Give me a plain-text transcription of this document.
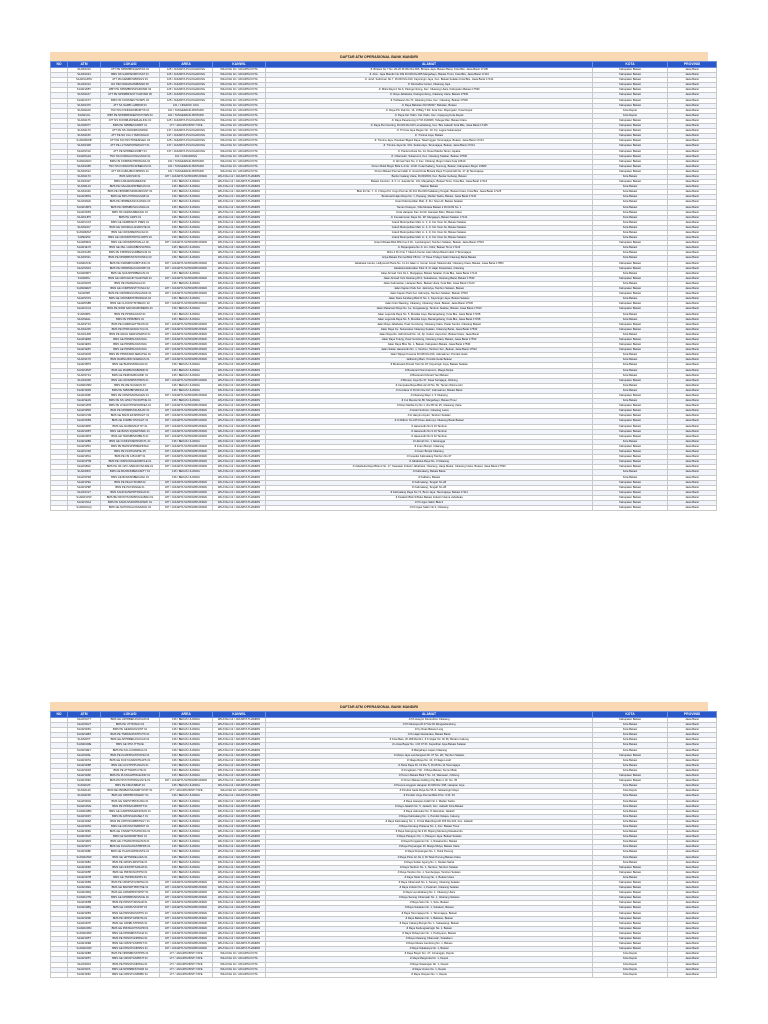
DAFTAR ATM OPERASIONAL BANK MANDIRI
NO	ATM	LOKASI	AREA	KANWIL	ALAMAT	KOTA	PROVINSI
	S1AW1010	ATT PE NPRMBKSGENTRA 01	125 / JAKARTA PULOGADUNG	WILAYAH 10 / JAKARTA KOTA	Jl. Bintara Nu 7 No. 20-26 Rt.002 Rw.006, Bintara Jaya, Bekasi Barat, Kota Bks, Jawa Barat 17136	Kabupaten Bekasi	Jawa Barat
	S1AW1024	BMS NS GARPAKIMPUSAT 01	125 / JAKARTA PULOGADUNG	WILAYAH 10 / JAKARTA KOTA	Jl. Ahm. Jaya Mandiri No.169 Rt.003 Rw.005 Margahayu, Bekasi Timur, Kota Bks, Jawa Barat 17113	Kabupaten Bekasi	Jawa Barat
	S1AW1ARTA	ATT MA HEMBKSPRINGS 03	125 / JAKARTA PULOGADUNG	WILAYAH 10 / JAKARTA KOTA	Jl. Jend. Sudirman No.7, Rt.003 Rw.010, Kayuringin Jaya, Kec. Bekasi Selatan Kota Bks, Jawa Barat 17144	Kabupaten Bekasi	Jawa Barat
	S1AW1012	DO PEN WADAMJSIBWADI 05	125 / JAKARTA PULOGADUNG	WILAYAH 10 / JAKARTA KOTA	Jl. Mercedes Center, Cikarang Jaya	Kabupaten Bekasi	Jawa Barat
	S1AW1KBY	WBT PE NPRMBKSSPGROSIR 04	125 / JAKARTA PULOGADUNG	WILAYAH 10 / JAKARTA KOTA	Jl. Mitra Raya II No.6, Pasirgombong, Kec. Cikarang Utara, Kabupaten Bekasi 17530	Kabupaten Bekasi	Jawa Barat
	S1AW1107	ATT PE NPRMBKSCITYGROSIR 06	125 / JAKARTA PULOGADUNG	WILAYAH 10 / JAKARTA KOTA	Jl. Raya Jababeka, Pasirgombong, Cikarang Utara, Bekasi 17530	Kabupaten Bekasi	Jawa Barat
	S1AW1XXY	BMS NS KONSSECTIONPV 04	125 / JAKARTA PULOGADUNG	WILAYAH 10 / JAKARTA KOTA	Jl. Pahlawan No.70, Cikarang Kota, Kec. Cikarang, Bekasi 17530	Kabupaten Bekasi	Jawa Barat
	S1AW1370	ATT SA NAMB LAMBOR 03	161 / CIKEDOK JAYA	WILAYAH 10 / JAKARTA KOTA	Jl. Raya Babelan KM 06/007, Babelan, Bekasi	Kabupaten Bekasi	Jawa Barat
	S1AW1109	TNO NS KONDGROBORTIS 01	161 / TANGERANG BINTARO	WILAYAH 10 / JAKARTA KOTA	Jl. Raya Pd. Ruk No. 16, Jl Blkg T Rd. Kota Kec. Bojongsari, Kota Depok	Kota Depok	Jawa Barat
	S1AW1OL	WBT PE NPRMBKSDEPOKTOWN 01	161 / TANGERANG BINTARO	WILAYAH 10 / JAKARTA KOTA	Jl. Raya Kel. Pabn. Kel. Pabn. Kec. Cipayung Kota Depok	Kota Depok	Jawa Barat
	S1AW1176	ATT NS KONSBJAIPERHALING 01	125 / JAKARTA PULOGADUNG	WILAYAH 10 / JAKARTA KOTA	Jl. Raya Pasarsorog C7 Rt.010/006, Tebega Mas, Bekasi Utara	Kabupaten Bekasi	Jawa Barat
	S1AW0677	BMS PE NPRBEKASIBIT 01	177 / JAKARTA BINTI TATE	WILAYAH 10 / JAKARTA KOTA	Jl. Raya Puri Kenting, Rt.003 Rw.010 Lemahabang, Kec. Bks Jatiasih Kota Bks, Jawa Barat 17425	Kabupaten Bekasi	Jawa Barat
	S1AW1179	ATT PE NS 2024ORIGINPASI	137 / JAKARTA PULOGADUNG	WILAYAH 10 / JAKARTA KOTA	Jl. Trimina Jaya Regen No. 10, Kp. Lagoa Sukamanjur	Kabupaten Bekasi	Jawa Barat
	S1AW1150	ATT PE NO 31A 1 TERUNGAN	137 / JAKARTA PULOGADUNG	WILAYAH 10 / JAKARTA KOTA	Jl. Trimina Jaya, Bekasi	Kabupaten Bekasi	Jawa Barat
	S1AW0WKB	ATT PE NO FNOTONESIGEG 03	125 / JAKARTA PULOGADUNG	WILAYAH 10 / JAKARTA KOTA	Jl. Trimina Jaya, Pasokan Blgani Raya, Tatarringgat, Tarumajaya, Bekasi, Jawa Barat 17214	Kabupaten Bekasi	Jawa Barat
	S1AW1308	ATT PE L1TIVEPOPARKHOT 01	137 / JAKARTA PULOGADUNG	WILAYAH 10 / JAKARTA KOTA	Jl. Trimina Jaya No. 001, Setiamulya, Tarumajaya, Bekasi, Jawa Barat 17214	Kabupaten Bekasi	Jawa Barat
	S1AW1XLF	ATT PE NPRBEKASIBIT 04	137 / JAKARTA PULOGADUNG	WILAYAH 10 / JAKARTA KOTA	Jl. Pantura Dara No. 44, Desa Paleba Tarum Jayaba	Kabupaten Bekasi	Jawa Barat
	S1AW0G3A	TNO NS KONDHAYANGANGK 01	161 / KARAWANG	WILAYAH 10 / JAKARTA KOTA	Jl. Cibarusah, Sukaresmi, Kec. Cikarang Selatan, Bekasi 17530	Kabupaten Bekasi	Jawa Barat
	S1AW0ANO	BMS NS KNRPMGTIBORANA 04	161 / TANGERANG BINTARO	WILAYAH 10 / JAKARTA KOTA	Jl. Ahmad Yani No. 3, Kec. Cibitung, Bogor Utara Kota 16610	Kabupaten Bekasi	Jawa Barat
	S1AW1058	TNO NS KONDUPRLSFBEKASI 01	161 / TANGERANG BINTARO	WILAYAH 10 / JAKARTA KOTA	Perum Bukit Bogor Blok A-4 No. 10 Rt. Kutai Kadang, Sumung, Bekasi, Kabupaten Bogor 16680	Kabupaten Bekasi	Jawa Barat
	S1AW1512	ATT NS KABAJBOCSPRNS 01	161 / TANGERANG BINTARO	WILAYAH 10 / JAKARTA KOTA	Perum Bekasi Permai Indah Jl. Grand Kota Bintara Raya Tropical Hill No. 47 Jjl Tarumajaya	Kabupaten Bekasi	Jawa Barat
	S1AW1170	BMS GROSIR 01	187 / JAKARTA SATRIAPRUWIRAI	WILAYAH 12 / JAKARTA THAMRIN	Barrier Galang Utara, Rt.003/003, Kec. Bantar Gebang, Bekasi	Kota Bekasi	Jawa Barat
	S1AW1007	BMS KARAWANGBEKASI	136 / BEKASI JUANDA	WILAYAH 12 / JAKARTA THAMRIN	Bekasi Junction, Jl. Ir. H. Juanda No. 131, Margahayu, Bekasi Timur, Kota Bks, Jawa Barat 17113	Kabupaten Bekasi	Jawa Barat
	S1AW0L04	BMS PE NAGARAPATBEKASI 01	136 / BEKASI JUANDA	WILAYAH 12 / JAKARTA THAMRIN	Stasiun Bekasi	Kota Bekasi	Jawa Barat
	S1AW1040	BMS PE NPRMBKSPARAMOUNT 01	136 / BEKASI JUANDA	WILAYAH 12 / JAKARTA THAMRIN	Blok 6rt No. 7, Jl. Ir Raya Pd. Ungu Permai, Rt.011 Rw.009 Kaliabang Tengah, Bekasi Utara, Kota Bks, Jawa Barat 17125	Kota Bekasi	Jawa Barat
	S1AW1B7H	BMS GE BPG PPRNGGSAB 01	136 / BEKASI JUANDA	WILAYAH 12 / JAKARTA THAMRIN	Boulevard Hijau Raya No. 1, Pejuang, Medan Satria, Bekasi, Jawa Barat 17131	Kota Bekasi	Jawa Barat
	S1AW1MAI	BMS PE NPRBEKASIJUANDA 03	136 / BEKASI JUANDA	WILAYAH 12 / JAKARTA THAMRIN	Grand Metropolitan Mall, Jl. KH. Noer Ali, Bekasi Selatan	Kota Bekasi	Jawa Barat
	S1AW1RPS	BMS PE NPRMBKSJUANDA 01	136 / BEKASI JUANDA	WILAYAH 12 / JAKARTA THAMRIN	Taman Pekayon, Villa Mutiara Bekasi 2 Rt.01/09 No. 1	Kota Bekasi	Jawa Barat
	S1AW1D5X	BMS NS CERDASBEKASI 01	136 / BEKASI JUANDA	WILAYAH 12 / JAKARTA THAMRIN	Duta Harapan Kav. 01/10, Harapan Baru, Bekasi Utara	Kota Bekasi	Jawa Barat
	S1AW1JP5	BMS PE GRPS 01	136 / BEKASI JUANDA	WILAYAH 12 / JAKARTA THAMRIN	Jl. Kemakmuran Raya No. 38, Margajaya, Bekasi Selatan 17141	Kota Bekasi	Jawa Barat
	S1AW1UAT	BMS GE CEMBINGTI PRES 01	136 / BEKASI JUANDA	WILAYAH 12 / JAKARTA THAMRIN	Grand Metropolitan Mall, Lt. 2, Jl. KH. Noer Ali, Bekasi Selatan	Kota Bekasi	Jawa Barat
	S1AW1ID7	BMS GE CROMALLANADOTE 01	136 / BEKASI JUANDA	WILAYAH 12 / JAKARTA THAMRIN	Grand Metropolitan Mall, Lt. 3, Jl. KH. Noer Ali, Bekasi Selatan	Kota Bekasi	Jawa Barat
	S1AW0MGT	BMS GE CROMMENTALSA 01	136 / BEKASI JUANDA	WILAYAH 12 / JAKARTA THAMRIN	Grand Metropolitan Mall, Lt. 2, Jl. KH. Noer Ali, Bekasi Selatan	Kota Bekasi	Jawa Barat
	S1PE0253	BMS GE CROMMSTNPOLCRPS 03	136 / BEKASI JUANDA	WILAYAH 12 / JAKARTA THAMRIN	Grand Metropolitan Mall, Lt. 3, Jl. KH. Noer Ali, Bekasi Selatan	Kota Bekasi	Jawa Barat
	S1AW0M01	BMS GE CROMMNTMALLA 02	187 / JAKARTA SATRIAPRUWIRAI	WILAYAH 12 / JAKARTA THAMRIN	Grand Wisata Blok Bfts Kav.4 Rt., Lambangsari, Tambun Selatan, Bekasi, Jawa Barat 17510	Kabupaten Bekasi	Jawa Barat
	S1AW1EYK	BMS GE PEL UARANBKSSATRIA	136 / BEKASI JUANDA	WILAYAH 12 / JAKARTA THAMRIN	Jl. Bayangkara No.Jl. Ltn. Kobir, Bekasi Timur 17113	Kota Bekasi	Jawa Barat
	S1AW1A56	BMS PE KSPRNGSARIBEKASI 01	136 / BEKASI JUANDA	WILAYAH 12 / JAKARTA THAMRIN	Mitra 4 Rt 4 No 7 Ciletuh Center Jalur Mulya Barat Indah 3 Tarumajaya	Kota Bekasi	Jawa Barat
	S1AW1521	BMS PE NPRMBKSSTATIONKG 03	136 / BEKASI JUANDA	WILAYAH 12 / JAKARTA THAMRIN	Griya Bekasi Permai Blok FB No. 17 Desa Tridaya Sakti Cikarang Barat Bekasi	Kota Bekasi	Jawa Barat
	S1AW1KNU	BMS PE KSRMBKSCIBITUNG 01	187 / JAKARTA SATRIAPRUWIRAI	WILAYAH 12 / JAKARTA THAMRIN	Jababeka Centre, Hollywood Plaza No. 11-14 Jalan H. Usmar Ismail, Mekarmukti, Cikarang Utara, Bekasi, Jawa Barat 17853	Kabupaten Bekasi	Jawa Barat
	S1AW1N16	BMS PE NPRRMSAUGDINPD 04	187 / JAKARTA SATRIAPRUWIRAI	WILAYAH 12 / JAKARTA THAMRIN	Jababeka Education Park Jl. Ki Hajar Dewantara, Cikarang	Kabupaten Bekasi	Jawa Barat
	S1AW0RPY	BMS GE NAKAPPRIBEKASI 01	136 / BEKASI JUANDA	WILAYAH 12 / JAKARTA THAMRIN	Jalan Ahmad Yani No.1, Margajaya, Bekasi Selatan, Kota Bks, Jawa Barat 17141	Kota Bekasi	Jawa Barat
	S1AW0KU	BMS GE CRPLWLNKTGAR PER 01	187 / JAKARTA SATRIAPRUWIRAI	WILAYAH 12 / JAKARTA THAMRIN	Jalan Ahmad Yani Cikarang Rt.6, Sukadanau, Cikarang Barat, Bekasi 17530	Kabupaten Bekasi	Jawa Barat
	S1AW1FP0	BMS PE KMAMASALA 01	136 / BEKASI JUANDA	WILAYAH 12 / JAKARTA THAMRIN	Jalan Kalimantan, Harapan Baru, Bekasi Utara, Kota Bks, Jawa Barat 17123	Kota Bekasi	Jawa Barat
	S1AW0EMY	BMS GE CNRPMSSTITUNJA 02	187 / JAKARTA SATRIAPRUWIRAI	WILAYAH 12 / JAKARTA THAMRIN	Jalan Kapten Park Kel. Jatimulya, Tambun Selatan, Bekasi	Kabupaten Bekasi	Jawa Barat
	S1AW3P0	BMS PE CRPRMSAYANGANGK 01	187 / JAKARTA SATRIAPRUWIRAI	WILAYAH 12 / JAKARTA THAMRIN	Jalan Kapten Park Kel. Jatimulya, Tambun Selatan, Bekasi 17510	Kabupaten Bekasi	Jawa Barat
	S1AW1TAS	BMS GE CROMMNSTBORANA 04	136 / BEKASI JUANDA	WILAYAH 12 / JAKARTA THAMRIN	Jalan Kiara Kandang Blok D No. 1, Kayuringin Jaya, Bekasi Selatan	Kota Bekasi	Jawa Barat
	S1AW0SB5	BMS GE CLICKINTISTMEOC 02	187 / JAKARTA SATRIAPRUWIRAI	WILAYAH 12 / JAKARTA THAMRIN	Jalan Kuto Waaring, Cikarang, Cikarang Utara, Bekasi, Jawa Barat 17530	Kabupaten Bekasi	Jawa Barat
	S1AW1UUJ	BMS PE NIRM SAKURAMCBEMG 01	136 / BEKASI JUANDA	WILAYAH 12 / JAKARTA THAMRIN	Jalan Mekarsari Raya No. 1a, Sungaiwangi, Tambun Selatan, Bekasi, Jawa Barat 17510	Kabupaten Bekasi	Jawa Barat
	S1AW0IPA	BMS PE PPRNGGSAT 01	136 / BEKASI JUANDA	WILAYAH 12 / JAKARTA THAMRIN	Jalan Legenda Raya No. 5, Mustika Jaya, Bantargebang, Kota Bks, Jawa Barat 17158	Kota Bekasi	Jawa Barat
	S1AW1E1L	BMS PE PPRMBKS 04	136 / BEKASI JUANDA	WILAYAH 12 / JAKARTA THAMRIN	Jalan Legenda Raya No. 5, Mustika Jaya, Bantargebang, Kota Bks, Jawa Barat 17158	Kota Bekasi	Jawa Barat
	S1AW1T16	BMS PE KAMRIGHTTRAIN 02	187 / JAKARTA SATRIAPRUWIRAI	WILAYAH 12 / JAKARTA THAMRIN	Jalan Raya Jababeka, Pasir Gombong, Cikarang Utara, Pasar Sentra, Cikarang Bekasi	Kabupaten Bekasi	Jawa Barat
	S1AW1205	BMS PE PPRKARANGTUA 01	187 / JAKARTA SATRIAPRUWIRAI	WILAYAH 12 / JAKARTA THAMRIN	Jalan Raya Kp. Sukamakur Cikarang Selatan, Cikarang Barat, Jawa Barat 17530	Kabupaten Bekasi	Jawa Barat
	S1AW1J0R	BMS PE GRAH SENFLPERTAI 01	187 / JAKARTA SATRIAPRUWIRAI	WILAYAH 12 / JAKARTA THAMRIN	Jalan Raya Rs. Hidrofonelli No. 14, Kp. Kebon Jaya Aren, Bekasi Utara, Jawa Barat	Kota Bekasi	Jawa Barat
	S1AW1E5D	BMS GE PRNBSUCMUNJA	187 / JAKARTA SATRIAPRUWIRAI	WILAYAH 12 / JAKARTA THAMRIN	Jalan Raya Tulung, Pasir Gombong, Cikarang Utara, Bekasi, Jawa Barat 17530	Kabupaten Bekasi	Jawa Barat
	S1AW1E5O	BMS GE PRNBSUCMUNJA	187 / JAKARTA SATRIAPRUWIRAI	WILAYAH 12 / JAKARTA THAMRIN	Jalan Raya Bhw No. 1, Bekasi, Kabupaten Bekasi, Jawa Barat 17530	Kabupaten Bekasi	Jawa Barat
	S1AW1E5V	BMS GE PRNBSUCMUNJA	187 / JAKARTA SATRIAPRUWIRAI	WILAYAH 12 / JAKARTA THAMRIN	Jalan Sultan Hasanudin No. 1, Tambun, Tambun Sel., Bekasi, Jawa Barat 17510	Kabupaten Bekasi	Jawa Barat
	S1AW1D36	BMS PE PPRDORM SERATSH 01	187 / JAKARTA SATRIAPRUWIRAI	WILAYAH 12 / JAKARTA THAMRIN	Jalan Wijaya Kusuma Rt.006 Rw.016, Jatimakmur, Pondok Gede	Kota Bekasi	Jawa Barat
	S1AW1F76	BMS RAMNA BIR NCERDAS 01	187 / JAKARTA SATRIAPRUWIRAI	WILAYAH 12 / JAKARTA THAMRIN	Jatibening Baru, Pondok Gede Bekasi	Kota Bekasi	Jawa Barat
	S1AW1B7S	BMS GE BURSSPADAHN 02	136 / BEKASI JUANDA	WILAYAH 12 / JAKARTA THAMRIN	Jl Boulevard Ahmad Yani No.18, Kayuringin Jaya, Bekasi Selatan	Kota Bekasi	Jawa Barat
	S1AW1RVP	BMS GE MAMBUNGBMDR 01	136 / BEKASI JUANDA	WILAYAH 12 / JAKARTA THAMRIN	Jl Boulevard Summarecon, Marga Mulya	Kota Bekasi	Jawa Barat
	S1AW1T44	BMS GE PERNSABUHDIK 01	136 / BEKASI JUANDA	WILAYAH 12 / JAKARTA THAMRIN	Jl Boulevard Ahmad Yani Bekasi	Kota Bekasi	Jawa Barat
	S1AW1008	BMS GE CROMMNSTDRIN 01	187 / JAKARTA SATRIAPRUWIRAI	WILAYAH 12 / JAKARTA THAMRIN	Jl Bonsai, Jaya No.37, Desa Sertajaya, Cibitung	Kabupaten Bekasi	Jawa Barat
	S1AW1D9M	BMS PE WE NASAKIN 03	136 / BEKASI JUANDA	WILAYAH 12 / JAKARTA THAMRIN	Jl Cempaka Raya Blok.A2-20 No. 60, Taman Wisma Asri	Kota Bekasi	Jawa Barat
	S1AW1D0N	BMS PE NPRMBKSBINGA 03	136 / BEKASI JUANDA	WILAYAH 12 / JAKARTA THAMRIN	Jl Cendana Vi Rt.011 Rw.017, Jatimakmur, Bekasi Barat	Kota Bekasi	Jawa Barat
	S1AW1D9F	BMS PE CRNPSAMSAGEN 04	187 / JAKARTA SATRIAPRUWIRAI	WILAYAH 12 / JAKARTA THAMRIN	Jl Cikarang Rayo 1, 5 Cikarang	Kabupaten Bekasi	Jawa Barat
	S1AW1E1N	BMS PE NS 1251CYNCFMTNE 01	136 / BEKASI JUANDA	WILAYAH 12 / JAKARTA THAMRIN	Jl Cut Meutia No.89, Margahayu, Bekasi Timur	Kota Bekasi	Jawa Barat
	S1AW1VPR	BMS PE LIVECNTIFWSORKEA 01	187 / JAKARTA SATRIAPRUWIRAI	WILAYAH 12 / JAKARTA THAMRIN	Jl Dewi Sartika Kp No.1, Rw.05 No 25, Cikarang Utara	Kabupaten Bekasi	Jawa Barat
	S1AW1P0D	BMS PE NPRMBKSSUMUAT 01	187 / JAKARTA SATRIAPRUWIRAI	WILAYAH 12 / JAKARTA THAMRIN	Jl Gatot Subroto, Cikarang Lama	Kabupaten Bekasi	Jawa Barat
	S1AW1V1M	BMS GE BANS EKSPRNGIT 01	187 / JAKARTA SATRIAPRUWIRAI	WILAYAH 12 / JAKARTA THAMRIN	Jl H Hasyim Asyari, Tambun Selatan	Kabupaten Bekasi	Jawa Barat
	S1AW1D8S	BMS GE FORBN NSTAGIT 01	187 / JAKARTA SATRIAPRUWIRAI	WILAYAH 12 / JAKARTA THAMRIN	Jl H Ridhon No.105 Desa Jatirenyo Cikarang Barat Bekasi	Kabupaten Bekasi	Jawa Barat
	S1AW1DPK	BMS GE ANABAVNAT DT 01	187 / JAKARTA SATRIAPRUWIRAI	WILAYAH 12 / JAKARTA THAMRIN	Jl Hasanudin No.9 10 Tambun	Kabupaten Bekasi	Jawa Barat
	S1AW1D8T	BMS GE BANS SQDEPNSRL 01	187 / JAKARTA SATRIAPRUWIRAI	WILAYAH 12 / JAKARTA THAMRIN	Jl Hasanudin No.9 10 Tambun	Kabupaten Bekasi	Jawa Barat
	S1AW1DPS	BMS GE TERSIBINFMBILN 01	187 / JAKARTA SATRIAPRUWIRAI	WILAYAH 12 / JAKARTA THAMRIN	Jl Hasanudin No.9 10 Tambun	Kabupaten Bekasi	Jawa Barat
	S1AW1D8N	BMS GE CONNOOEPNSRCTL 01	136 / BEKASI JUANDA	WILAYAH 12 / JAKARTA THAMRIN	Jl Hikmah No. 1 Jatirangga	Kota Bekasi	Jawa Barat
	S1AW1P5U	BMS PE BAFNSPPKBEPINSAI	187 / JAKARTA SATRIAPRUWIRAI	WILAYAH 12 / JAKARTA THAMRIN	Jl Imam Bonjol, Cikarang	Kabupaten Bekasi	Jawa Barat
	S1AW1VK0	BMS PE KANTIHNPNL 05	187 / JAKARTA SATRIAPRUWIRAI	WILAYAH 12 / JAKARTA THAMRIN	Jl Imam Bonjol Cikarang	Kabupaten Bekasi	Jawa Barat
	S1AW1PKA	BMS PE NS 1251CMT 01	187 / JAKARTA SATRIAPRUWIRAI	WILAYAH 12 / JAKARTA THAMRIN	Jl Inspeksi Kalimalang Tambun No.37	Kabupaten Bekasi	Jawa Barat
	S1AW1P7M	BMS PE CNRSANOGENNPCLE 01	187 / JAKARTA SATRIAPRUWIRAI	WILAYAH 12 / JAKARTA THAMRIN	Jl Jababeka Raya No. 3 Cikarang	Kabupaten Bekasi	Jawa Barat
	S1AW1BLF	BMS PE NS 125 LIVEDAFOSAJRE 01	187 / JAKARTA SATRIAPRUWIRAI	WILAYAH 12 / JAKARTA THAMRIN	Jl Jababeka Raya Blok A No. 17, Kawasan Industri Jababeka, Cikarang, Harja Mekar, Cikarang Utara, Bekasi, Jawa Barat 17530	Kabupaten Bekasi	Jawa Barat
	S1AW1BIS	BMS GE BANSNOBEKASIITY 01	136 / BEKASI JUANDA	WILAYAH 12 / JAKARTA THAMRIN	Jl Kalimalang, Bekasi Barat	Kota Bekasi	Jawa Barat
	S1AW1P9Z	BMS GE BANSNOBEKANLI 01	136 / BEKASI JUANDA	WILAYAH 12 / JAKARTA THAMRIN	Jl Kalibaru, Bekasi	Kota Bekasi	Jawa Barat
	S1AW1P9A	BMS PE PELAYDORM 02	187 / JAKARTA SATRIAPRUWIRAI	WILAYAH 12 / JAKARTA THAMRIN	Jl Kalimalang, Tengah No 28	Kabupaten Bekasi	Jawa Barat
	S1AW1P9P	BMS PE PLKSNNGE 01	187 / JAKARTA SATRIAPRUWIRAI	WILAYAH 12 / JAKARTA THAMRIN	Jl Kalimalang, Tengah No 28	Kabupaten Bekasi	Jawa Barat
	S1AW1X27	BMS KANCSATEPRTSNNAN 01	187 / JAKARTA SATRIAPRUWIRAI	WILAYAH 12 / JAKARTA THAMRIN	Jl Kalimalang Raya No 71, Bumi Jaya, Tarumajaya, Bekasi 17111	Kabupaten Bekasi	Jawa Barat
	S1AW1VPW	BMS BE FRONTSOSPRNGSABAN 01	187 / JAKARTA SATRIAPRUWIRAI	WILAYAH 12 / JAKARTA THAMRIN	Jl Kedasih Blok S/Ruko Bekasi Industri Utama Jababeka	Kabupaten Bekasi	Jawa Barat
	S1AW1NA1	BMS PE KAMA NSKPATRAPARK 01	187 / JAKARTA SATRIAPRUWIRAI	WILAYAH 12 / JAKARTA THAMRIN	Jl Kh Agus Salim Blok 6	Kabupaten Bekasi	Jawa Barat
	S1AW1NGQ	BMS GE NATIONALCIKARANG 01	187 / JAKARTA SATRIAPRUWIRAI	WILAYAH 12 / JAKARTA THAMRIN	Jl Kh Agus Salim No 3, Cikarang	Kabupaten Bekasi	Jawa Barat
DAFTAR ATM OPERASIONAL BANK MANDIRI
NO	ATM	LOKASI	AREA	KANWIL	ALAMAT	KOTA	PROVINSI
	S1AW1AYT	BMS GE LNPRBEKASIJUAN 01	136 / BEKASI JUANDA	WILAYAH 12 / JAKARTA THAMRIN	Jl Kh Hasyim Diurendrso Cikarang	Kabupaten Bekasi	Jawa Barat
	S1AW1D27	BMS PE UTTINSGN 01	136 / BEKASI JUANDA	WILAYAH 12 / JAKARTA THAMRIN	Jl Kh Mustopa Rt.07 Rw.02 Rengasbandung	Kota Bekasi	Jawa Barat
	S1AW1D6V	BMS PE GERARAGSINT 01	136 / BEKASI JUANDA	WILAYAH 12 / JAKARTA THAMRIN	Jl Ky Ruas Bekasi Lung	Kota Bekasi	Jawa Barat
	S1AW1D8O	BMS PE TNBNSCPWTPOTS 01	136 / BEKASI JUANDA	WILAYAH 12 / JAKARTA THAMRIN	Jl Ki Hajar Dewantara, Bekasi Barat	Kota Bekasi	Jawa Barat
	S1AW1PIT	BMS GE APPRBEKASIJUAN 01	136 / BEKASI JUANDA	WILAYAH 12 / JAKARTA THAMRIN	Jl Kota Baru, Rt.008 Rw.011, Jl Ki Hajar No. Rt 96, Bintaro Cakung	Kota Bekasi	Jawa Barat
	S1AW1DRE	BMS GE 3TM JTTNCE	136 / BEKASI JUANDA	WILAYAH 12 / JAKARTA THAMRIN	Jl Lintas Bayar No. 1 Rt 07 Rt. Keputihan Jaya Bekasi Selatan	Kota Bekasi	Jawa Barat
	S1AW1DEY	BMS PE KALLCORRRAA 01	136 / BEKASI JUANDA	WILAYAH 12 / JAKARTA THAMRIN	Jl Margahayu Lapan Cikarang	Kota Bekasi	Jawa Barat
	S1AW1D6L	BMS PE KLMPRIVANTONSA 01	136 / BEKASI JUANDA	WILAYAH 12 / JAKARTA THAMRIN	Jl Mulya Jaya Lambangsari Rt. 07 No. 2D, Tambun Selatan	Kabupaten Bekasi	Jawa Barat
	S1AW1D7H	BMS GE KOZ KANAPATNAPS 01	136 / BEKASI JUANDA	WILAYAH 12 / JAKARTA THAMRIN	Jl Niaga Raya No. 10, Jl Niaga Lurah	Kota Bekasi	Jawa Barat
	S1AW1D8P	BMS GE GOCTPPPUANAS 01	136 / BEKASI JUANDA	WILAYAH 12 / JAKARTA THAMRIN	Jl Patra Raya Rt. 13 Rw. 5, Rt.08 No.14 Tarumajaya	Kota Bekasi	Jawa Barat
	S1AW1D9X	BMS PE ATTNDRS NTE 01	136 / BEKASI JUANDA	WILAYAH 12 / JAKARTA THAMRIN	Jl Pengkolan 7 Rt. Jl Raya Bekasi, Sumur Batu	Kota Bekasi	Jawa Barat
	S1AW1D6F	BMS PE PLKNGAPPRLENOR 01	136 / BEKASI JUANDA	WILAYAH 12 / JAKARTA THAMRIN	Jl Perum Bekasi Blok T No. 16, Wanasari, Cibitung	Kabupaten Bekasi	Jawa Barat
	S1AW1D9C	BMS DM NTAYSTPRNGANYE 01	187 / JAKARTA SATRIAPRUWIRAI	WILAYAH 12 / JAKARTA THAMRIN	Jl Perum Bekasi Golfing City Blok H, Ri. No. 35	Kabupaten Bekasi	Jawa Barat
	S1AW1MX	BMS PE KMAKSBHP 04	136 / BEKASI JUANDA	WILAYAH 12 / JAKARTA THAMRIN	Jl Pesona Anggrek Harapan Rt 009 Rw. 008, Harapan Jaya	Kota Bekasi	Jawa Barat
	S1AW1129	BMS RE PRMBAKSKAMIRYOTAT 01	177 / JAKARTA BINTI TATE	WILAYAH 10 / JAKARTA KOTA	Jl Pondok Gede Raya No 56 Jl. Jatiwaringin Raya	Kota Depok	Jawa Barat
	S1AW1158	BMS GE NPRPBKSSSERY 03	136 / BEKASI JUANDA	WILAYAH 12 / JAKARTA THAMRIN	Jl Pondok Ungu Permai Blok 8 No. 6 Rt. 03	Kota Bekasi	Jawa Barat
	S1AW1D02	BMS GE NAPSTPRNCANA 01	136 / BEKASI JUANDA	WILAYAH 12 / JAKARTA THAMRIN	Jl Raya Harapan Indah No 1, Medan Satria	Kota Bekasi	Jawa Barat
	S1AW1DVE	BMS PE PPRSAURBINTT 01	136 / BEKASI JUANDA	WILAYAH 12 / JAKARTA THAMRIN	Jl Raya Jatiasih No. 5, Jatiasih, Kec. Jatiasih Kota Bekasi	Kota Bekasi	Jawa Barat
	S1AW1D8M	BMS GE GARPRNSARNOSAN 01	136 / BEKASI JUANDA	WILAYAH 12 / JAKARTA THAMRIN	Jl Raya Jatimekar No. 8 Jatimekar, Jatiasih	Kota Bekasi	Jawa Barat
	S1AW1D9Y	BMS PE APKNSGRASELT 01	136 / BEKASI JUANDA	WILAYAH 12 / JAKARTA THAMRIN	Jl Raya Kalimalang No. 1, Pondok Kelapa, Cakung	Kota Bekasi	Jawa Barat
	S1AW1D6Z	BMS PE ARTOSIAMBSTNGY 01	136 / BEKASI JUANDA	WILAYAH 12 / JAKARTA THAMRIN	Jl Raya Kalimalang No. 1, Jl Kali Mala Raya Rt 005 Rw 004, Kec. Jatiasih	Kota Bekasi	Jawa Barat
	S1AW1D52	BMS GE CRCNSCTEBRNIT 01	136 / BEKASI JUANDA	WILAYAH 12 / JAKARTA THAMRIN	Jl Raya Kemang Pratama No. 1, Kec. Bekasi Timur	Kota Bekasi	Jawa Barat
	S1AW1D6U	BMS GE CNNAPTSTHPRCDA 01	136 / BEKASI JUANDA	WILAYAH 12 / JAKARTA THAMRIN	Jl Raya Narogong No.9 Rt. Bojong Menteng Rawalumbu	Kota Bekasi	Jawa Barat
	S1AW1DVK	BMS GE MANDMRYBLN 01	136 / BEKASI JUANDA	WILAYAH 12 / JAKARTA THAMRIN	Jl Raya Pekayon No. 1, Pekayon Jaya, Bekasi Selatan	Kota Bekasi	Jawa Barat
	S1AW1D0O	BMS GE CTMANOPOEATAN 01	136 / BEKASI JUANDA	WILAYAH 12 / JAKARTA THAMRIN	Jl Raya Pengasinan No. 1, Rawalumbu, Bekasi	Kota Bekasi	Jawa Barat
	S1AW1D7V	BMS GE DLNANANGSTBPRS 01	136 / BEKASI JUANDA	WILAYAH 12 / JAKARTA THAMRIN	Jl Raya Perjuangan Rt. Marga Mulya, Bekasi Utara	Kota Bekasi	Jawa Barat
	S1AW1D8F	BMS GE PLAZACRPRANTE 01	136 / BEKASI JUANDA	WILAYAH 12 / JAKARTA THAMRIN	Jl Raya Perjuangan No. 1, Teluk Pucung	Kota Bekasi	Jawa Barat
	S1AW1D5W	BMS GE HPTNRDELCES 01	136 / BEKASI JUANDA	WILAYAH 12 / JAKARTA THAMRIN	Jl Raya Pintu Air No 3, Rt Teluk Pucung Bekasi Utara	Kota Bekasi	Jawa Barat
	S1AW1D8C	BMS PE GRNPLZRSTFIE 01	136 / BEKASI JUANDA	WILAYAH 12 / JAKARTA THAMRIN	Jl Raya Sultan Agung No. 1, Medan Satria	Kota Bekasi	Jawa Barat
	S1AW1D6K	BMS GE NNCPRTSANAR 01	136 / BEKASI JUANDA	WILAYAH 12 / JAKARTA THAMRIN	Jl Raya Tambun No. 1, Tambun, Tambun Selatan	Kabupaten Bekasi	Jawa Barat
	S1AW1D5P	BMS GE PRNSCNATIPNI 01	136 / BEKASI JUANDA	WILAYAH 12 / JAKARTA THAMRIN	Jl Raya Tambun No. 1, Sumberjaya, Tambun Selatan	Kabupaten Bekasi	Jawa Barat
	S1AW1D7B	BMS GE TNPRSNGPRS 01	136 / BEKASI JUANDA	WILAYAH 12 / JAKARTA THAMRIN	Jl Raya Teluk Pucung No. 1, Bekasi Utara	Kota Bekasi	Jawa Barat
	S1AW1D5R	BMS PE CRNPSTGNSPNA 01	187 / JAKARTA SATRIAPRUWIRAI	WILAYAH 12 / JAKARTA THAMRIN	Jl Raya Cibarusah No. 1, Serang, Cikarang Selatan	Kabupaten Bekasi	Jawa Barat
	S1AW1D9G	BMS GE BANSRTPRNTSE 01	187 / JAKARTA SATRIAPRUWIRAI	WILAYAH 12 / JAKARTA THAMRIN	Jl Raya Industri No. 1, Pasirsari, Cikarang Selatan	Kabupaten Bekasi	Jawa Barat
	S1AW1D6Q	BMS GE GRNDPRSTAPNT 01	187 / JAKARTA SATRIAPRUWIRAI	WILAYAH 12 / JAKARTA THAMRIN	Jl Raya Lemahabang No. 1, Cikarang Utara	Kabupaten Bekasi	Jawa Barat
	S1AW1D7M	BMS GE NPRMBKSDVNCE 01	187 / JAKARTA SATRIAPRUWIRAI	WILAYAH 12 / JAKARTA THAMRIN	Jl Raya Serang Cibarusah No. 1, Cikarang Selatan	Kabupaten Bekasi	Jawa Barat
	S1AW1D6B	BMS PE PRNSTCRNSAR 01	187 / JAKARTA SATRIAPRUWIRAI	WILAYAH 12 / JAKARTA THAMRIN	Jl Raya Setu No. 1, Setu, Bekasi	Kabupaten Bekasi	Jawa Barat
	S1AW1D8Q	BMS GE CRNPLSTAPRT 01	187 / JAKARTA SATRIAPRUWIRAI	WILAYAH 12 / JAKARTA THAMRIN	Jl Raya Sukatani No. 1, Sukatani, Bekasi	Kabupaten Bekasi	Jawa Barat
	S1AW1D5N	BMS GE PRNSRGSNTPS 01	187 / JAKARTA SATRIAPRUWIRAI	WILAYAH 12 / JAKARTA THAMRIN	Jl Raya Tarumajaya No. 1, Tarumajaya, Bekasi	Kabupaten Bekasi	Jawa Barat
	S1AW1D9K	BMS PE NPRSTGPRNTA 01	187 / JAKARTA SATRIAPRUWIRAI	WILAYAH 12 / JAKARTA THAMRIN	Jl Raya Babelan No. 1, Babelan, Bekasi	Kabupaten Bekasi	Jawa Barat
	S1AW1D7P	BMS GE CRNBLSTPRNS 01	187 / JAKARTA SATRIAPRUWIRAI	WILAYAH 12 / JAKARTA THAMRIN	Jl Raya Cabang Bungin No. 1, Sukawangi, Bekasi	Kabupaten Bekasi	Jawa Barat
	S1AW1D6M	BMS GE PRNSGNTSTAPR 01	187 / JAKARTA SATRIAPRUWIRAI	WILAYAH 12 / JAKARTA THAMRIN	Jl Raya Kedungwaringin No. 1, Bekasi	Kabupaten Bekasi	Jawa Barat
	S1AW1D8W	BMS GE NPRMBKSTGNA 01	187 / JAKARTA SATRIAPRUWIRAI	WILAYAH 12 / JAKARTA THAMRIN	Jl Raya Pebayuran No. 1, Pebayuran, Bekasi	Kabupaten Bekasi	Jawa Barat
	S1AW1D5T	BMS PE PRNSTGNPRNA 01	187 / JAKARTA SATRIAPRUWIRAI	WILAYAH 12 / JAKARTA THAMRIN	Jl Raya Cikarang Cibarusah, Sukadami	Kabupaten Bekasi	Jawa Barat
	S1AW1D9R	BMS GE CRNSTGNPRST 01	187 / JAKARTA SATRIAPRUWIRAI	WILAYAH 12 / JAKARTA THAMRIN	Jl Raya Muara Gembong No. 1, Bekasi	Kabupaten Bekasi	Jawa Barat
	S1AW1D6W	BMS GE PRNSTGNPRNS 01	187 / JAKARTA SATRIAPRUWIRAI	WILAYAH 12 / JAKARTA THAMRIN	Jl Raya Sukakarya No. 1, Bekasi	Kabupaten Bekasi	Jawa Barat
	S1AW1D8R	BMS PE NPRMBKSSTPRS 01	177 / JAKARTA BINTI TATE	WILAYAH 10 / JAKARTA KOTA	Jl Raya Bogor Km. 27, Cimanggis, Depok	Kota Depok	Jawa Barat
	S1AW1D5Y	BMS GE CRNSTGNPRNT 01	177 / JAKARTA BINTI TATE	WILAYAH 10 / JAKARTA KOTA	Jl Raya Margonda No. 1, Depok	Kota Depok	Jawa Barat
	S1AW1D9J	BMS PE PRNSTGNPRSA 01	177 / JAKARTA BINTI TATE	WILAYAH 10 / JAKARTA KOTA	Jl Raya Sawangan No. 1, Depok	Kota Depok	Jawa Barat
	S1AW1D7L	BMS GE NPRMBKSTGNR 01	177 / JAKARTA BINTI TATE	WILAYAH 10 / JAKARTA KOTA	Jl Raya Cinere No. 1, Depok	Kota Depok	Jawa Barat
	S1AW1D6C	BMS GE CRNSTGNPRBK 01	177 / JAKARTA BINTI TATE	WILAYAH 10 / JAKARTA KOTA	Jl Raya Citayam No. 1, Depok	Kota Depok	Jawa Barat
